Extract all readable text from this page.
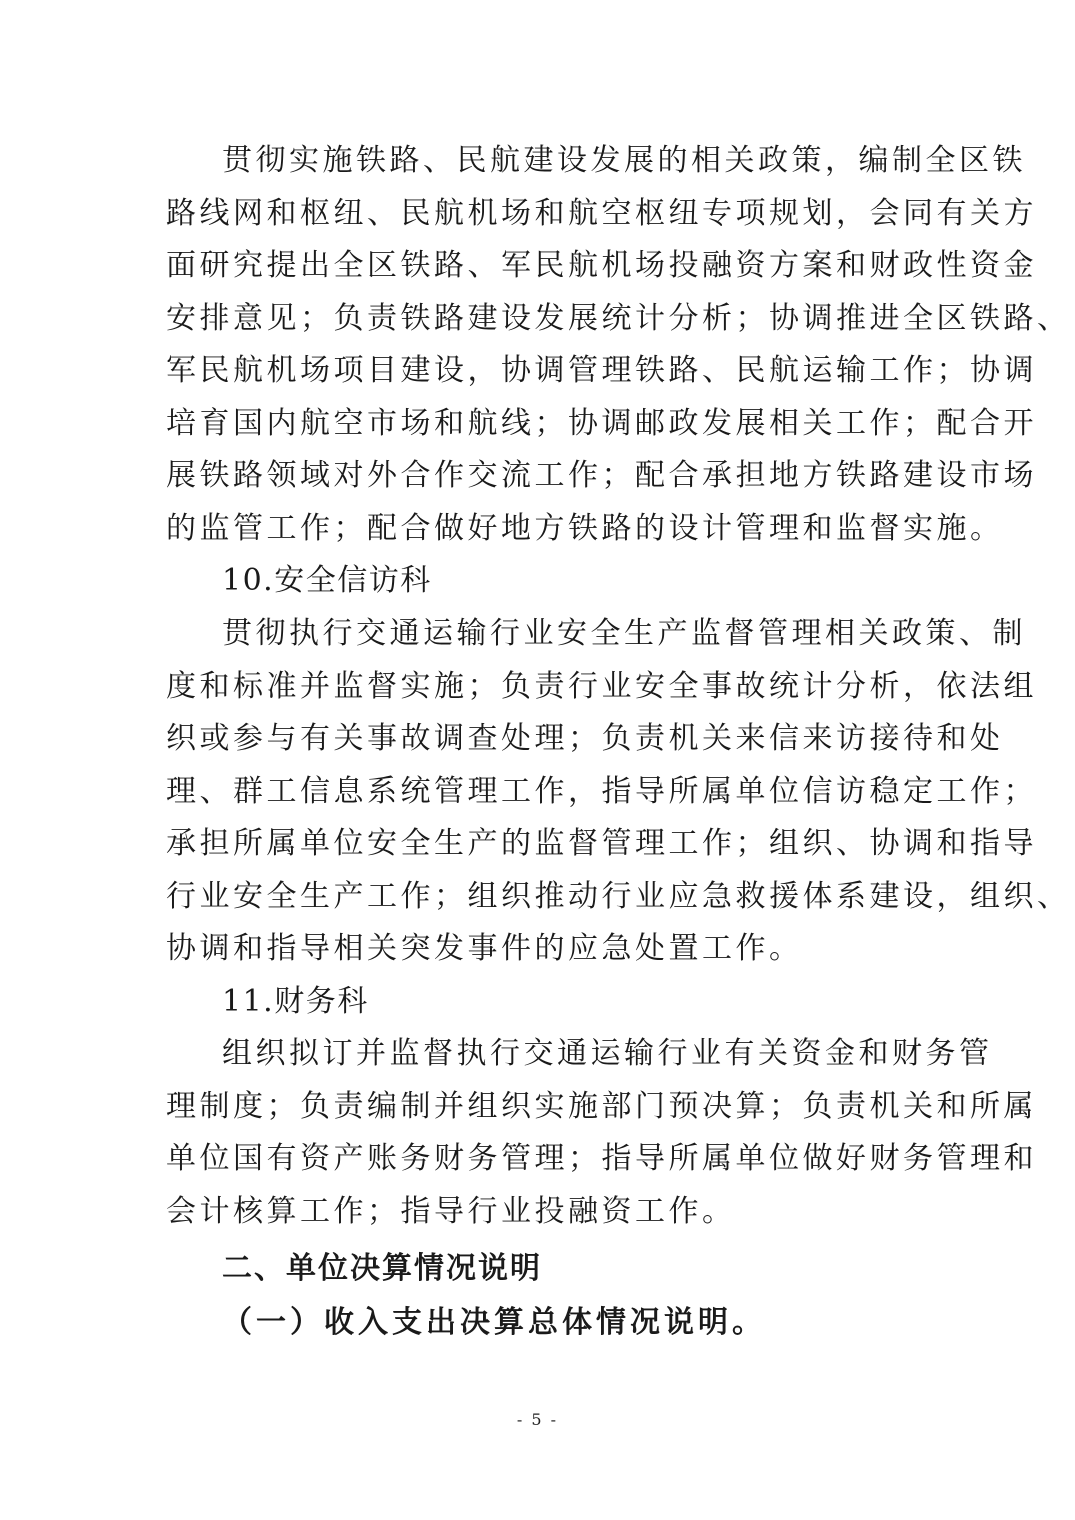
贯彻实施铁路、民航建设发展的相关政策，编制全区铁
路线网和枢纽、民航机场和航空枢纽专项规划，会同有关方
面研究提出全区铁路、军民航机场投融资方案和财政性资金
安排意见；负责铁路建设发展统计分析；协调推进全区铁路、
军民航机场项目建设，协调管理铁路、民航运输工作；协调
培育国内航空市场和航线；协调邮政发展相关工作；配合开
展铁路领域对外合作交流工作；配合承担地方铁路建设市场
的监管工作；配合做好地方铁路的设计管理和监督实施。
10.安全信访科
贯彻执行交通运输行业安全生产监督管理相关政策、制
度和标准并监督实施；负责行业安全事故统计分析，依法组
织或参与有关事故调查处理；负责机关来信来访接待和处
理、群工信息系统管理工作，指导所属单位信访稳定工作；
承担所属单位安全生产的监督管理工作；组织、协调和指导
行业安全生产工作；组织推动行业应急救援体系建设，组织、
协调和指导相关突发事件的应急处置工作。
11.财务科
组织拟订并监督执行交通运输行业有关资金和财务管
理制度；负责编制并组织实施部门预决算；负责机关和所属
单位国有资产账务财务管理；指导所属单位做好财务管理和
会计核算工作；指导行业投融资工作。
二、单位决算情况说明
（一）收入支出决算总体情况说明。
- 5 -
